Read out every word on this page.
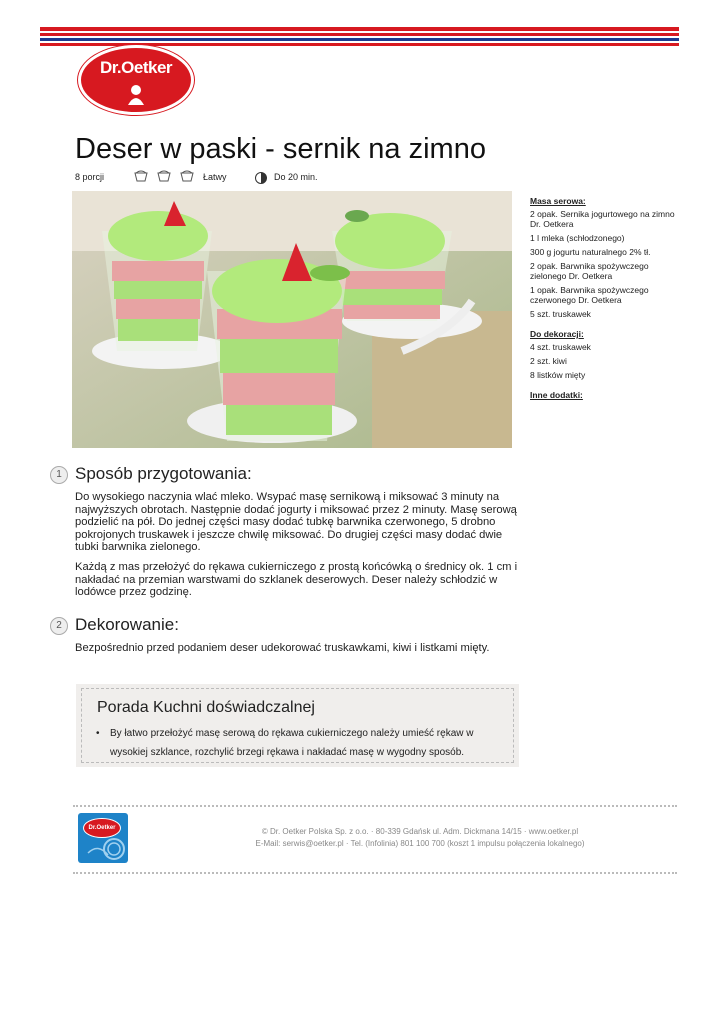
Dr.Oetker
Deser w paski - sernik na zimno
8 porcji	Łatwy	Do 20 min.
Masa serowa:
2 opak. Sernika jogurtowego na zimno Dr. Oetkera
1 l mleka (schłodzonego)
300 g jogurtu naturalnego 2% tł.
2 opak. Barwnika spożywczego zielonego Dr. Oetkera
1 opak. Barwnika spożywczego czerwonego Dr. Oetkera
5 szt. truskawek
Do dekoracji:
4 szt. truskawek
2 szt. kiwi
8 listków mięty
Inne dodatki:
1 Sposób przygotowania:
Do wysokiego naczynia wlać mleko. Wsypać masę sernikową i miksować 3 minuty na najwyższych obrotach. Następnie dodać jogurty i miksować przez 2 minuty. Masę serową podzielić na pół. Do jednej części masy dodać tubkę barwnika czerwonego, 5 drobno pokrojonych truskawek i jeszcze chwilę miksować. Do drugiej części masy dodać dwie tubki barwnika zielonego.
Każdą z mas przełożyć do rękawa cukierniczego z prostą końcówką o średnicy ok. 1 cm i nakładać na przemian warstwami do szklanek deserowych. Deser należy schłodzić w lodówce przez godzinę.
2 Dekorowanie:
Bezpośrednio przed podaniem deser udekorować truskawkami, kiwi i listkami mięty.
Porada Kuchni doświadczalnej
• By łatwo przełożyć masę serową do rękawa cukierniczego należy umieść rękaw w wysokiej szklance, rozchylić brzegi rękawa i nakładać masę w wygodny sposób.
Dr.Oetker	© Dr. Oetker Polska Sp. z o.o. · 80-339 Gdańsk ul. Adm. Dickmana 14/15 · www.oetker.pl
E-Mail: serwis@oetker.pl · Tel. (Infolinia) 801 100 700 (koszt 1 impulsu połączenia lokalnego)
